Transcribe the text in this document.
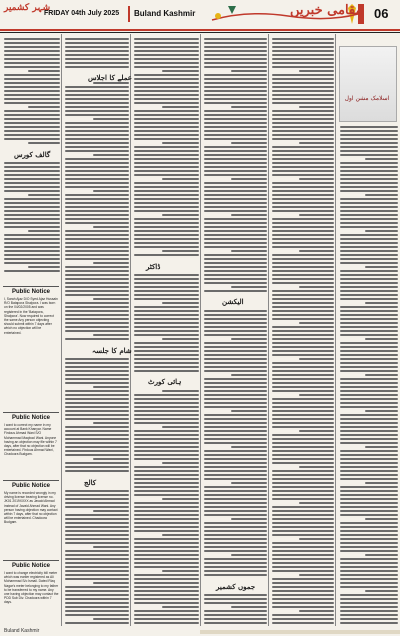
شہر کشمیر
FRIDAY 04th July 2025 Buland Kashmir	مقامی خبریں 06
گالف کورس
Public Notice
I, Sarah Ajaz D/O Syed Ajaz Hussain R/O Batapora Shalpora. I was born on the 04/02/2005 and was registered in the 'Batapora, Shalpora'. Now required to correct the same Any person objecting should submit within 7 days after which no objection will be entertained.
Public Notice
I want to correct my name in my account at Bank Khanyar. Name Firdous Ahmad Wani S/O Mohammad Maqbool Wani. Anyone having an objection may file within 7 days, after that no objection will be entertained. Firdous Ahmad Wani, Chadoora Budgam.
Public Notice
My name is recorded wrongly in my driving license bearing license no. JK01 2019XXXX as Javaid Ahmad instead of Javaid Ahmad Wani. Any person having objection may contact within 7 days, after that no objection will be entertained. Chadoora Budgam.
Public Notice
I want to change electricity bill meter which was earlier registered as Ali Mohammad S/o Ismail. Dated Rizq Nagar's meter belonging to my father to be transferred to my name. Any one having objection may contact the PDD Sub Div. Chadoora within 7 days.
عملے کا اجلاس
شام کا جلسہ
کالج
ڈاکٹر
ہائی کورٹ
الیکشن
جموں کشمیر
اسلامک مشن اول
Buland Kashmir
